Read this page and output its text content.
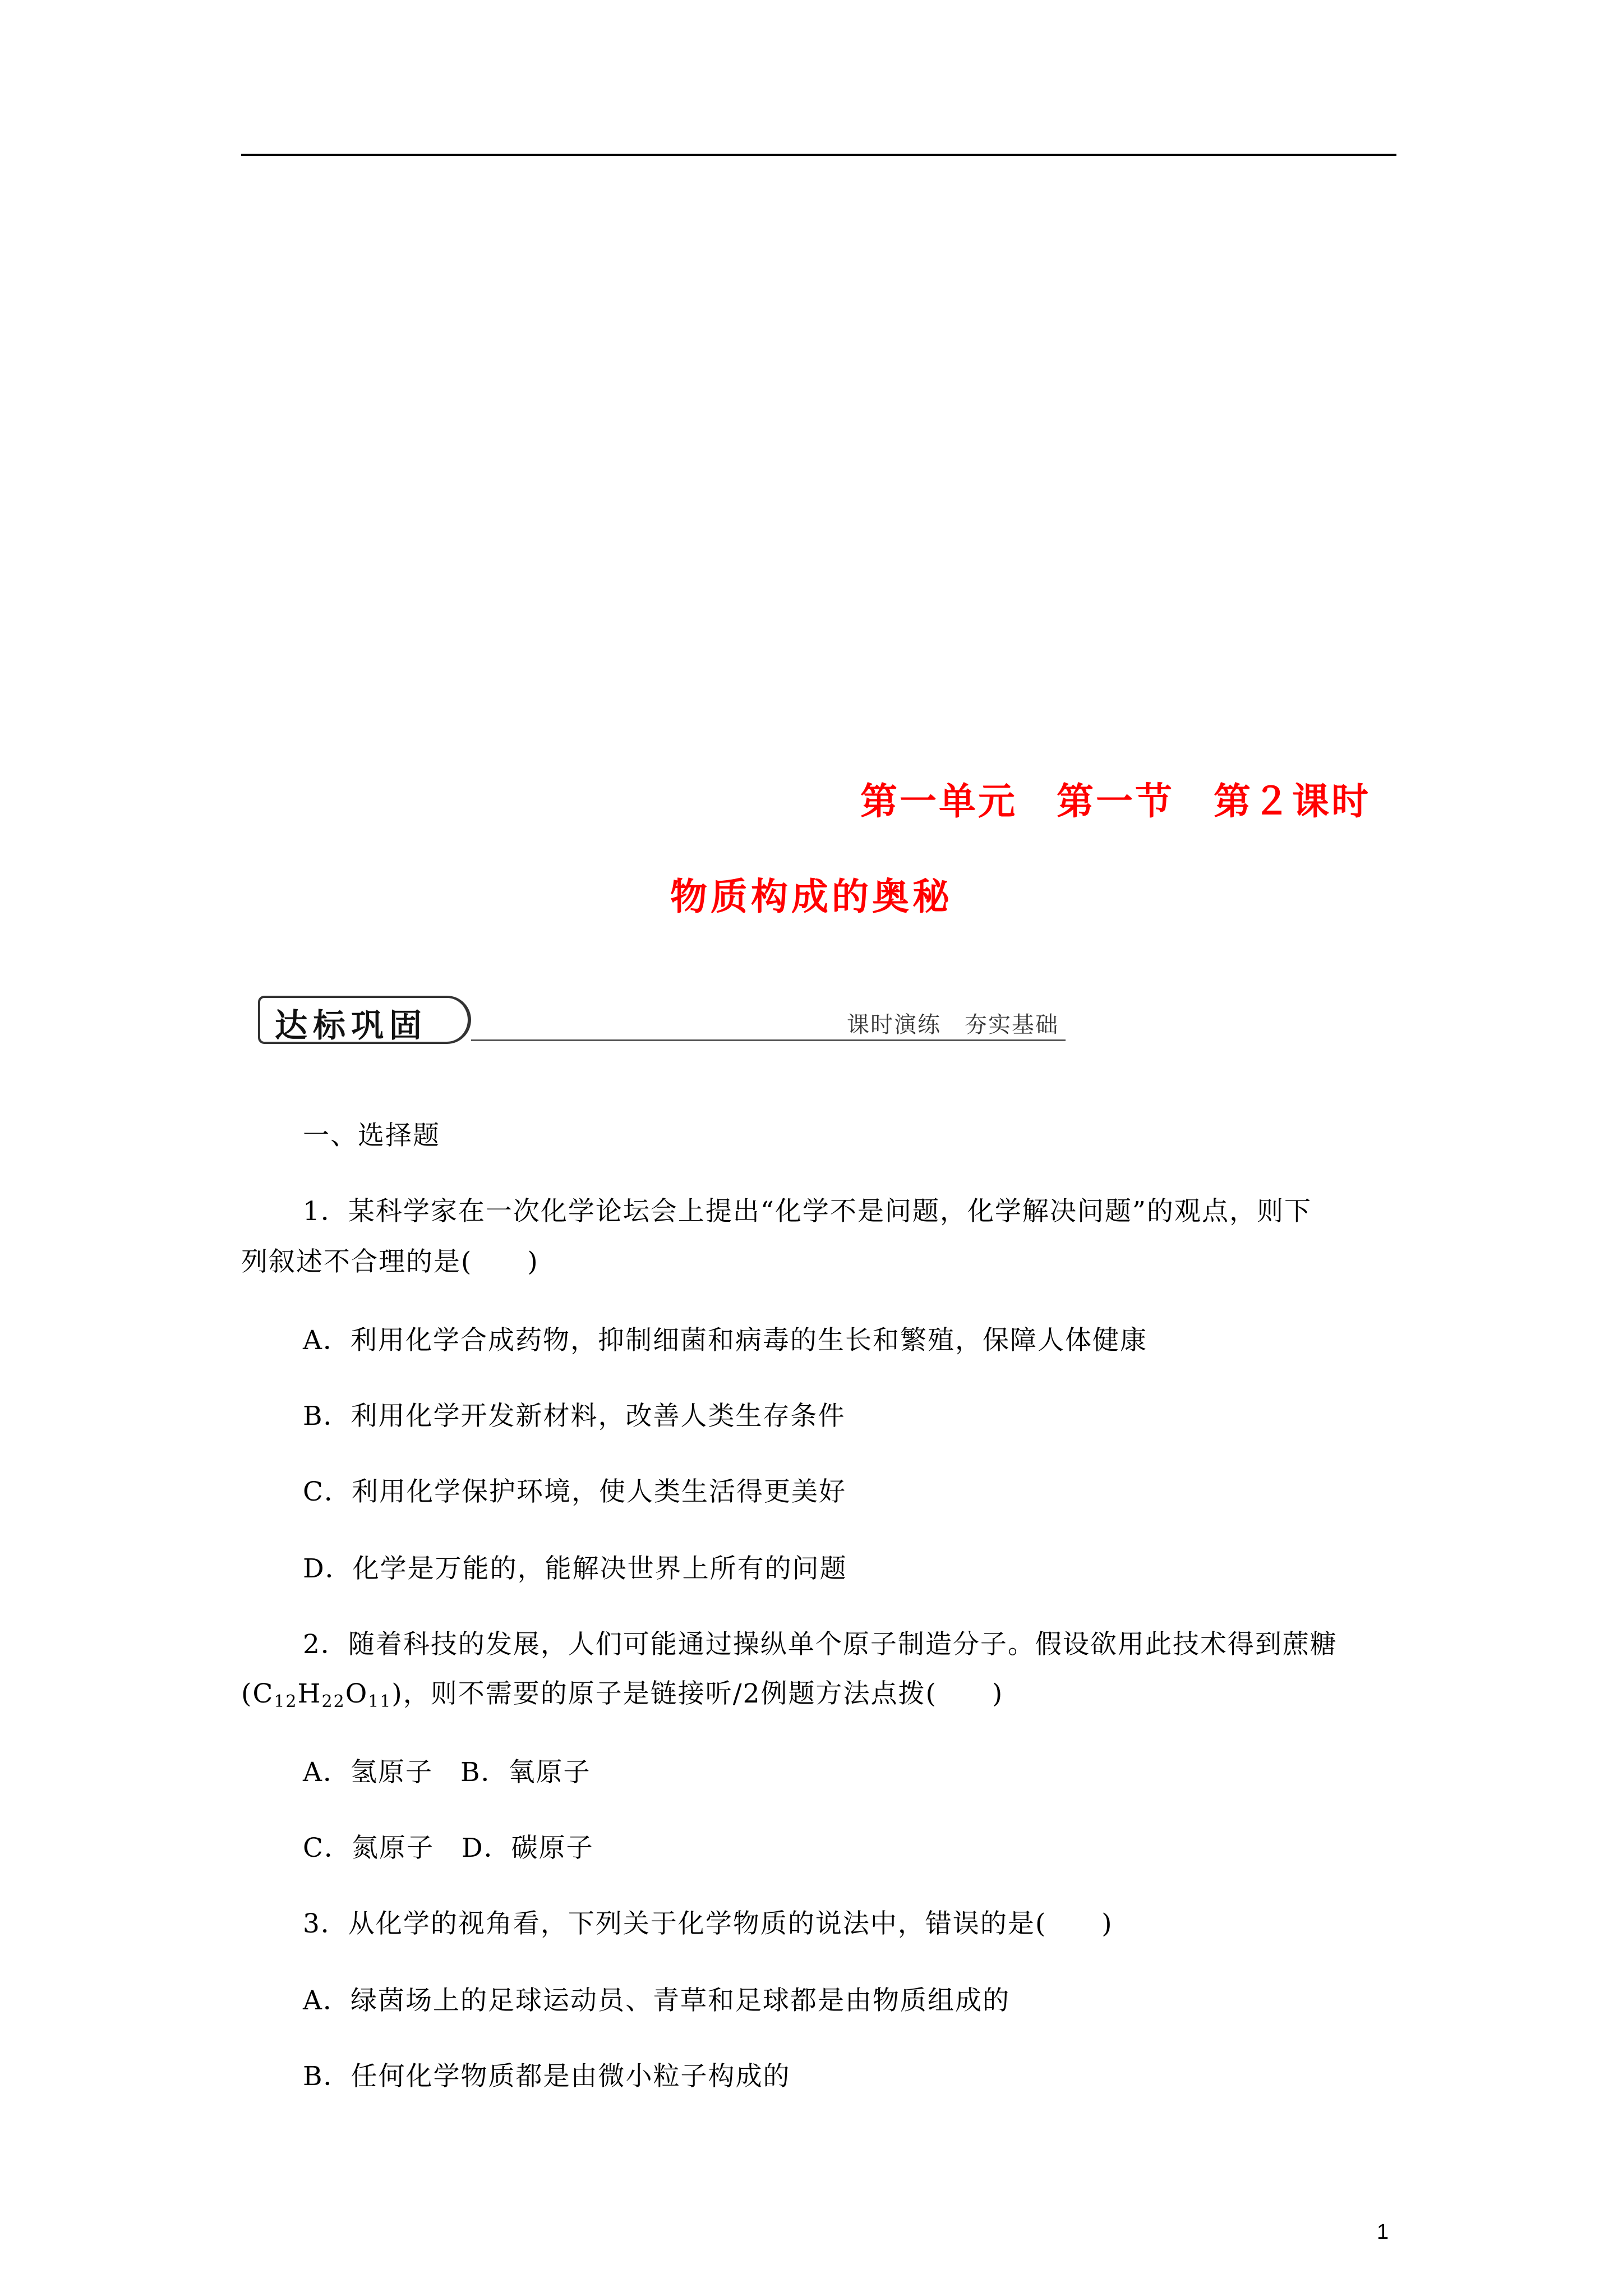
第一单元　第一节　第２课时
物质构成的奥秘
达标巩固	课时演练　夯实基础
一、选择题
1．某科学家在一次化学论坛会上提出“化学不是问题，化学解决问题”的观点，则下
列叙述不合理的是(　　)
A．利用化学合成药物，抑制细菌和病毒的生长和繁殖，保障人体健康
B．利用化学开发新材料，改善人类生存条件
C．利用化学保护环境，使人类生活得更美好
D．化学是万能的，能解决世界上所有的问题
2．随着科技的发展，人们可能通过操纵单个原子制造分子。假设欲用此技术得到蔗糖
$(C_{12}H_{22}O_{11})$，则不需要的原子是链接听/2例题方法点拨(　　)
A．氢原子　B．氧原子
C．氮原子　D．碳原子
3．从化学的视角看，下列关于化学物质的说法中，错误的是(　　)
A．绿茵场上的足球运动员、青草和足球都是由物质组成的
B．任何化学物质都是由微小粒子构成的
1
